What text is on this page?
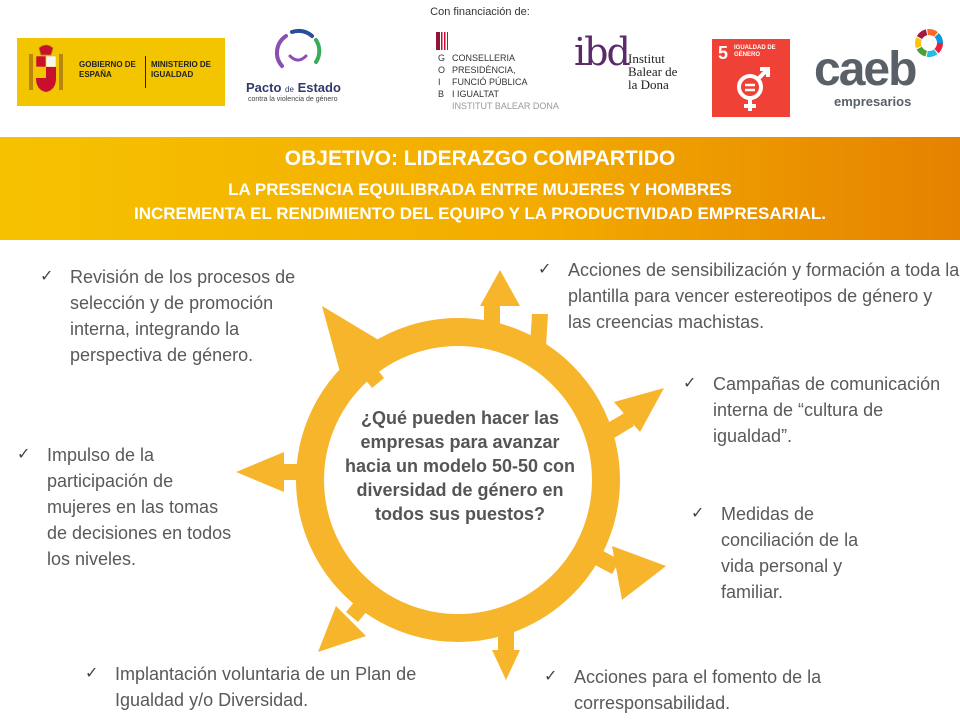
Con financiación de:
GOBIERNO DE ESPAÑA
MINISTERIO DE IGUALDAD
Pacto de Estado
contra la violencia de género
G
O
I
B
CONSELLERIA
PRESIDÈNCIA,
FUNCIÓ PÚBLICA
I IGUALTAT
INSTITUT BALEAR DONA
ibd Institut
Balear de
la Dona
5 IGUALDAD DE GÉNERO	caeb
empresarios
OBJETIVO: LIDERAZGO COMPARTIDO
LA PRESENCIA EQUILIBRADA ENTRE MUJERES Y HOMBRES
INCREMENTA EL RENDIMIENTO DEL EQUIPO Y LA PRODUCTIVIDAD EMPRESARIAL.
¿Qué pueden hacer las empresas para avanzar hacia un modelo 50-50 con diversidad de género en todos sus puestos?
✓ Revisión de los procesos de selección y de promoción interna, integrando la perspectiva de género.
✓ Impulso de la participación de mujeres en las tomas de decisiones en todos los niveles.
✓ Implantación voluntaria de un Plan de Igualdad y/o Diversidad.
✓ Acciones de sensibilización y formación a toda la plantilla para vencer estereotipos de género y las creencias machistas.
✓ Campañas de comunicación interna de “cultura de igualdad”.
✓ Medidas de conciliación de la vida personal y familiar.
✓ Acciones para el fomento de la corresponsabilidad.
